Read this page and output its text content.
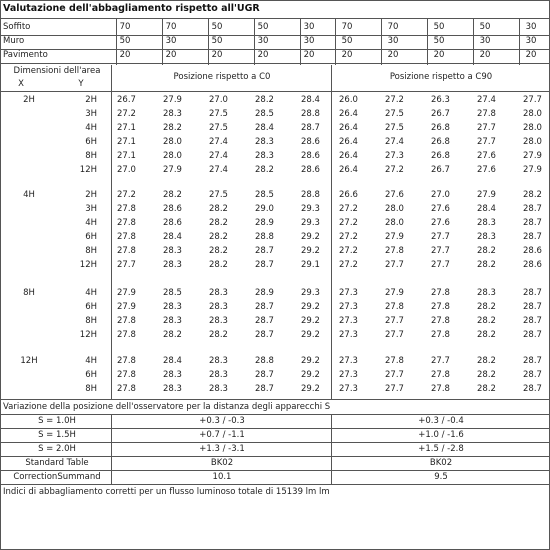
Valutazione dell'abbagliamento rispetto all'UGR
Soffito	70	70	50	50	30	70	70	50	50	30
Muro	50	30	50	30	30	50	30	50	30	30
Pavimento	20	20	20	20	20	20	20	20	20	20
Dimensioni dell'area
X	Y
Posizione rispetto a C0	Posizione rispetto a C90
2H	2H 26.7	27.9	27.0	28.2	28.4	26.0	27.2	26.3	27.4	27.7
3H 27.2	28.3	27.5	28.5	28.8	26.4	27.5	26.7	27.8	28.0
4H 27.1	28.2	27.5	28.4	28.7	26.4	27.5	26.8	27.7	28.0
6H 27.1	28.0	27.4	28.3	28.6	26.4	27.4	26.8	27.7	28.0
8H 27.1	28.0	27.4	28.3	28.6	26.4	27.3	26.8	27.6	27.9
12H 27.0	27.9	27.4	28.2	28.6	26.4	27.2	26.7	27.6	27.9
4H	2H 27.2	28.2	27.5	28.5	28.8	26.6	27.6	27.0	27.9	28.2
3H 27.8	28.6	28.2	29.0	29.3	27.2	28.0	27.6	28.4	28.7
4H 27.8	28.6	28.2	28.9	29.3	27.2	28.0	27.6	28.3	28.7
6H 27.8	28.4	28.2	28.8	29.2	27.2	27.9	27.7	28.3	28.7
8H 27.8	28.3	28.2	28.7	29.2	27.2	27.8	27.7	28.2	28.6
12H 27.7	28.3	28.2	28.7	29.1	27.2	27.7	27.7	28.2	28.6
8H	4H 27.9	28.5	28.3	28.9	29.3	27.3	27.9	27.8	28.3	28.7
6H 27.9	28.3	28.3	28.7	29.2	27.3	27.8	27.8	28.2	28.7
8H 27.8	28.3	28.3	28.7	29.2	27.3	27.7	27.8	28.2	28.7
12H 27.8	28.2	28.2	28.7	29.2	27.3	27.7	27.8	28.2	28.7
12H	4H 27.8	28.4	28.3	28.8	29.2	27.3	27.8	27.7	28.2	28.7
6H 27.8	28.3	28.3	28.7	29.2	27.3	27.7	27.8	28.2	28.7
8H 27.8	28.3	28.3	28.7	29.2	27.3	27.7	27.8	28.2	28.7
Variazione della posizione dell'osservatore per la distanza degli apparecchi S
S = 1.0H	+0.3 / -0.3	+0.3 / -0.4
S = 1.5H	+0.7 / -1.1	+1.0 / -1.6
S = 2.0H	+1.3 / -3.1	+1.5 / -2.8
Standard Table	BK02	BK02
CorrectionSummand	10.1	9.5
Indici di abbagliamento corretti per un flusso luminoso totale di 15139 lm lm
